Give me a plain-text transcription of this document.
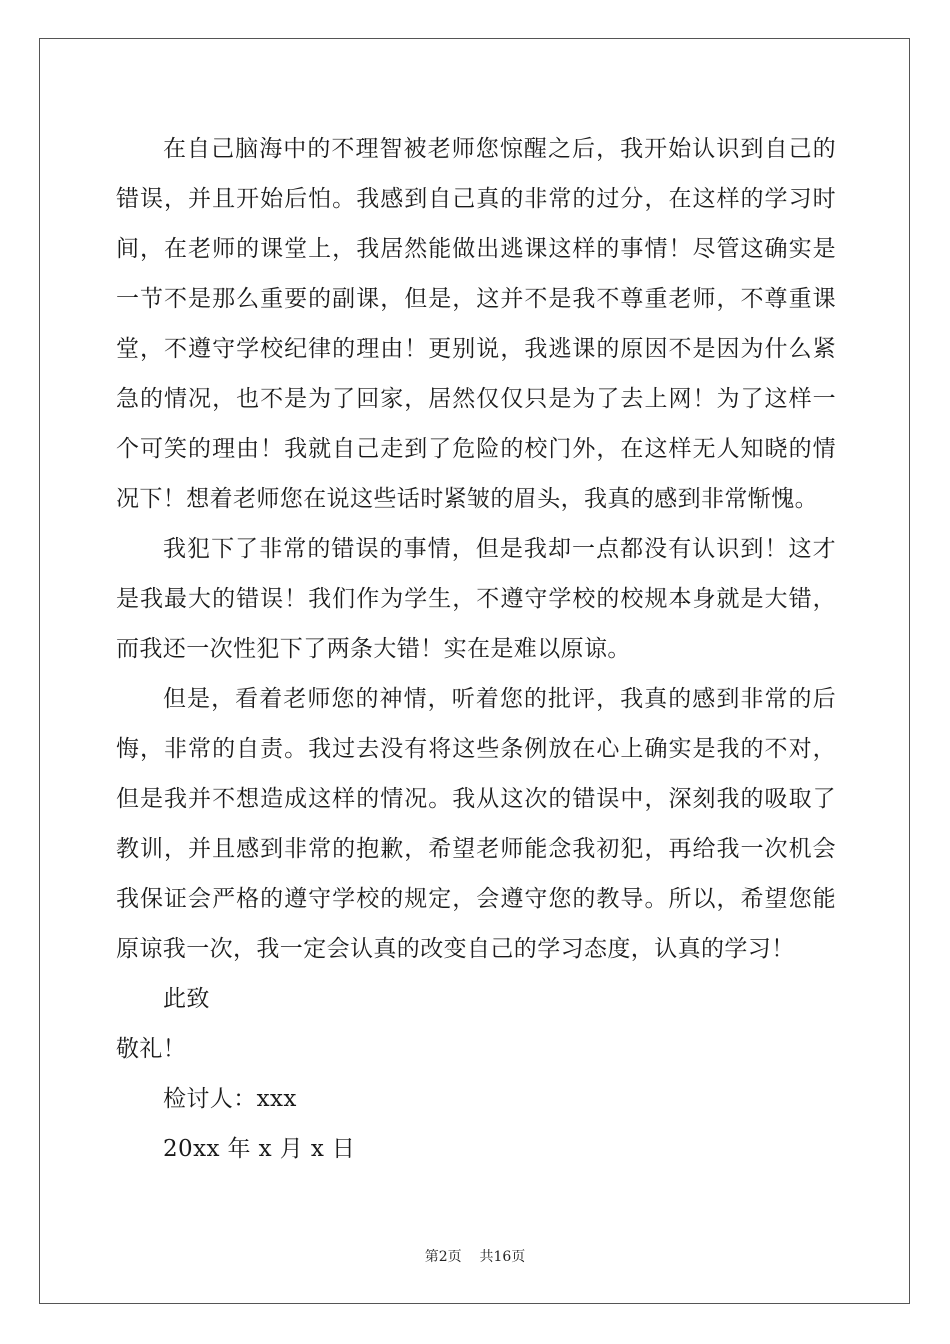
在自己脑海中的不理智被老师您惊醒之后，我开始认识到自己的错误，并且开始后怕。我感到自己真的非常的过分，在这样的学习时间，在老师的课堂上，我居然能做出逃课这样的事情！尽管这确实是一节不是那么重要的副课，但是，这并不是我不尊重老师，不尊重课堂，不遵守学校纪律的理由！更别说，我逃课的原因不是因为什么紧急的情况，也不是为了回家，居然仅仅只是为了去上网！为了这样一个可笑的理由！我就自己走到了危险的校门外，在这样无人知晓的情况下！想着老师您在说这些话时紧皱的眉头，我真的感到非常惭愧。

我犯下了非常的错误的事情，但是我却一点都没有认识到！这才是我最大的错误！我们作为学生，不遵守学校的校规本身就是大错，而我还一次性犯下了两条大错！实在是难以原谅。

但是，看着老师您的神情，听着您的批评，我真的感到非常的后悔，非常的自责。我过去没有将这些条例放在心上确实是我的不对，但是我并不想造成这样的情况。我从这次的错误中，深刻我的吸取了教训，并且感到非常的抱歉，希望老师能念我初犯，再给我一次机会我保证会严格的遵守学校的规定，会遵守您的教导。所以，希望您能原谅我一次，我一定会认真的改变自己的学习态度，认真的学习！

此致

敬礼！

检讨人：xxx

20xx 年 x 月 x 日

第2页 共16页
